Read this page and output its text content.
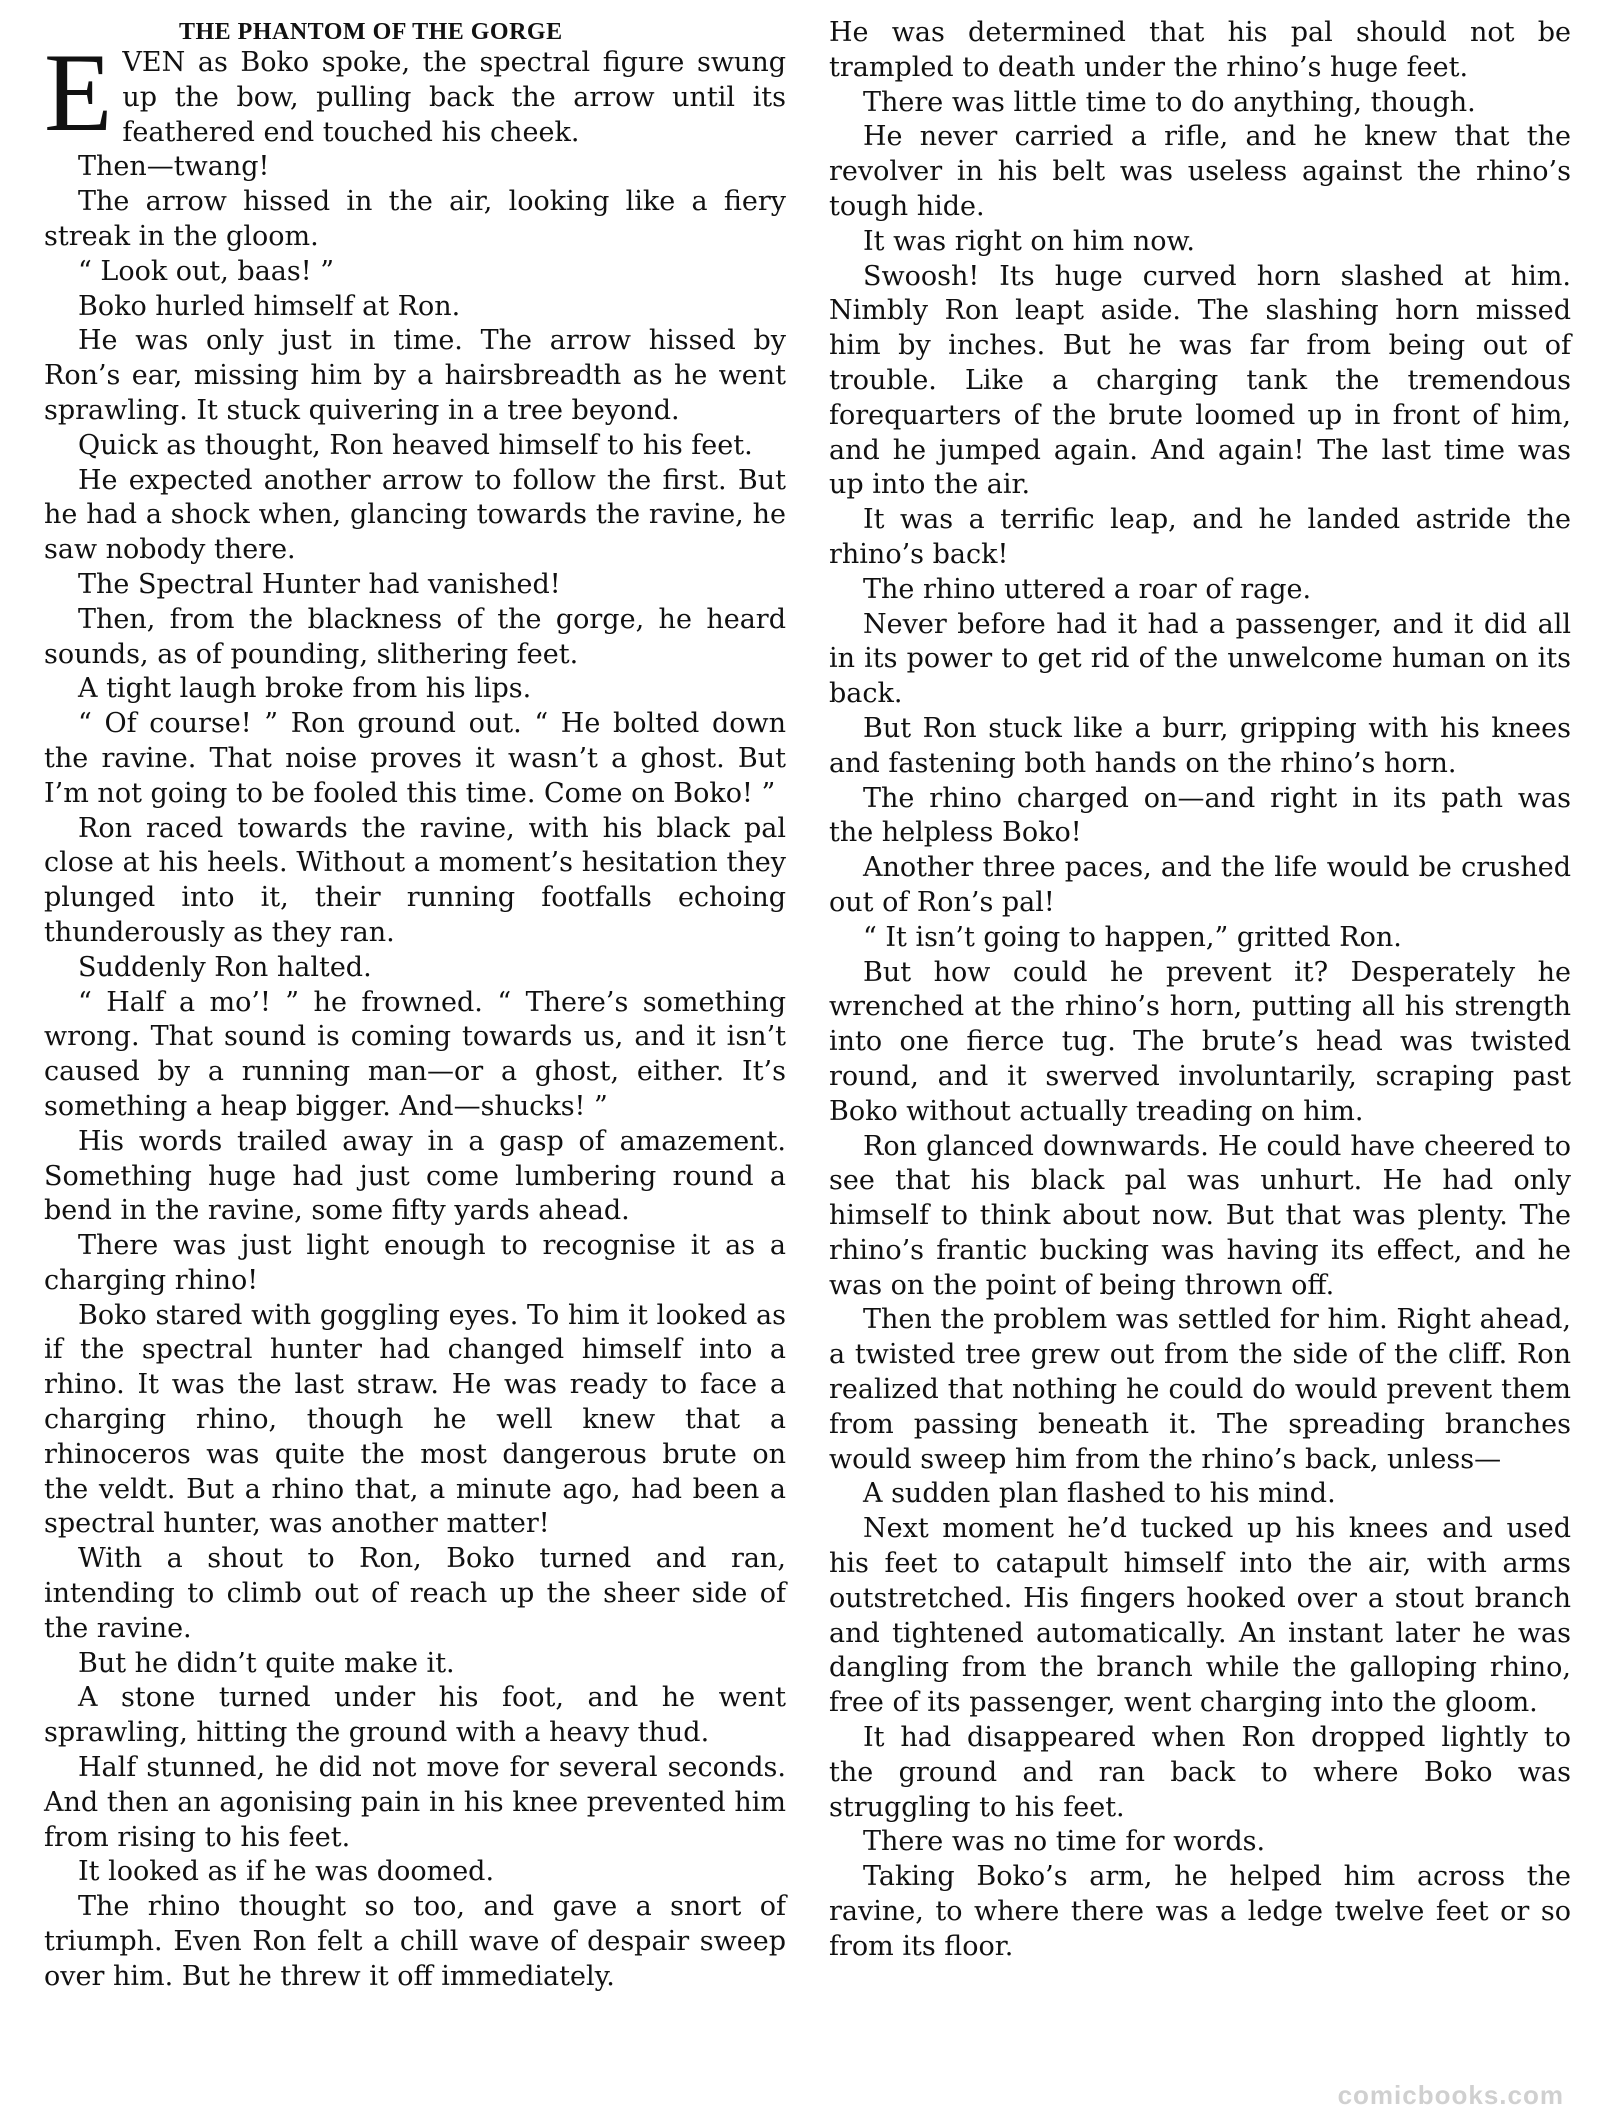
THE PHANTOM OF THE GORGE

EVEN as Boko spoke, the spectral figure swung up the bow, pulling back the arrow until its feathered end touched his cheek.

Then—twang!

The arrow hissed in the air, looking like a fiery streak in the gloom.

“ Look out, baas! ”

Boko hurled himself at Ron.

He was only just in time. The arrow hissed by Ron’s ear, missing him by a hairsbreadth as he went sprawling. It stuck quivering in a tree beyond.

Quick as thought, Ron heaved himself to his feet.

He expected another arrow to follow the first. But he had a shock when, glancing towards the ravine, he saw nobody there.

The Spectral Hunter had vanished!

Then, from the blackness of the gorge, he heard sounds, as of pounding, slithering feet.

A tight laugh broke from his lips.

“ Of course! ” Ron ground out. “ He bolted down the ravine. That noise proves it wasn’t a ghost. But I’m not going to be fooled this time. Come on Boko! ”

Ron raced towards the ravine, with his black pal close at his heels. Without a moment’s hesitation they plunged into it, their running footfalls echoing thunderously as they ran.

Suddenly Ron halted.

“ Half a mo’! ” he frowned. “ There’s something wrong. That sound is coming towards us, and it isn’t caused by a running man—or a ghost, either. It’s something a heap bigger. And—shucks! ”

His words trailed away in a gasp of amazement. Something huge had just come lumbering round a bend in the ravine, some fifty yards ahead.

There was just light enough to recognise it as a charging rhino!

Boko stared with goggling eyes. To him it looked as if the spectral hunter had changed himself into a rhino. It was the last straw. He was ready to face a charging rhino, though he well knew that a rhinoceros was quite the most dangerous brute on the veldt. But a rhino that, a minute ago, had been a spectral hunter, was another matter!

With a shout to Ron, Boko turned and ran, intending to climb out of reach up the sheer side of the ravine.

But he didn’t quite make it.

A stone turned under his foot, and he went sprawling, hitting the ground with a heavy thud.

Half stunned, he did not move for several seconds. And then an agonising pain in his knee prevented him from rising to his feet.

It looked as if he was doomed.

The rhino thought so too, and gave a snort of triumph. Even Ron felt a chill wave of despair sweep over him. But he threw it off immediately.

He was determined that his pal should not be trampled to death under the rhino’s huge feet.

There was little time to do anything, though.

He never carried a rifle, and he knew that the revolver in his belt was useless against the rhino’s tough hide.

It was right on him now.

Swoosh! Its huge curved horn slashed at him. Nimbly Ron leapt aside. The slashing horn missed him by inches. But he was far from being out of trouble. Like a charging tank the tremendous forequarters of the brute loomed up in front of him, and he jumped again. And again! The last time was up into the air.

It was a terrific leap, and he landed astride the rhino’s back!

The rhino uttered a roar of rage.

Never before had it had a passenger, and it did all in its power to get rid of the unwelcome human on its back.

But Ron stuck like a burr, gripping with his knees and fastening both hands on the rhino’s horn.

The rhino charged on—and right in its path was the helpless Boko!

Another three paces, and the life would be crushed out of Ron’s pal!

“ It isn’t going to happen,” gritted Ron.

But how could he prevent it? Desperately he wrenched at the rhino’s horn, putting all his strength into one fierce tug. The brute’s head was twisted round, and it swerved involuntarily, scraping past Boko without actually treading on him.

Ron glanced downwards. He could have cheered to see that his black pal was unhurt. He had only himself to think about now. But that was plenty. The rhino’s frantic bucking was having its effect, and he was on the point of being thrown off.

Then the problem was settled for him. Right ahead, a twisted tree grew out from the side of the cliff. Ron realized that nothing he could do would prevent them from passing beneath it. The spreading branches would sweep him from the rhino’s back, unless—

A sudden plan flashed to his mind.

Next moment he’d tucked up his knees and used his feet to catapult himself into the air, with arms outstretched. His fingers hooked over a stout branch and tightened automatically. An instant later he was dangling from the branch while the galloping rhino, free of its passenger, went charging into the gloom.

It had disappeared when Ron dropped lightly to the ground and ran back to where Boko was struggling to his feet.

There was no time for words.

Taking Boko’s arm, he helped him across the ravine, to where there was a ledge twelve feet or so from its floor.

comicbooks.com
